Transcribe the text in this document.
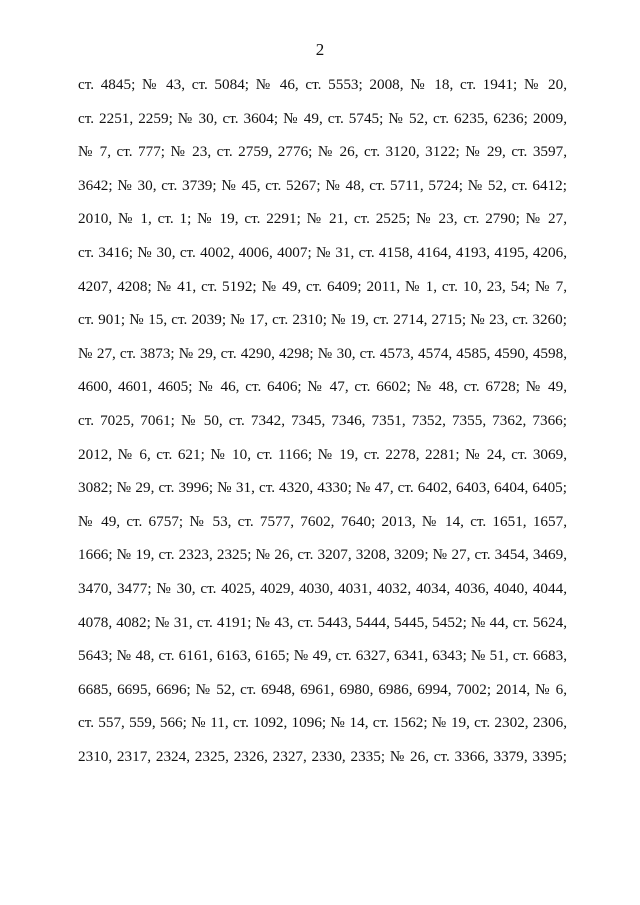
2
ст. 4845; № 43, ст. 5084; № 46, ст. 5553; 2008, № 18, ст. 1941; № 20,
ст. 2251, 2259; № 30, ст. 3604; № 49, ст. 5745; № 52, ст. 6235, 6236; 2009,
№ 7, ст. 777; № 23, ст. 2759, 2776; № 26, ст. 3120, 3122; № 29, ст. 3597,
3642; № 30, ст. 3739; № 45, ст. 5267; № 48, ст. 5711, 5724; № 52, ст. 6412;
2010, № 1, ст. 1; № 19, ст. 2291; № 21, ст. 2525; № 23, ст. 2790; № 27,
ст. 3416; № 30, ст. 4002, 4006, 4007; № 31, ст. 4158, 4164, 4193, 4195, 4206,
4207, 4208; № 41, ст. 5192; № 49, ст. 6409; 2011, № 1, ст. 10, 23, 54; № 7,
ст. 901; № 15, ст. 2039; № 17, ст. 2310; № 19, ст. 2714, 2715; № 23, ст. 3260;
№ 27, ст. 3873; № 29, ст. 4290, 4298; № 30, ст. 4573, 4574, 4585, 4590, 4598,
4600, 4601, 4605; № 46, ст. 6406; № 47, ст. 6602; № 48, ст. 6728; № 49,
ст. 7025, 7061; № 50, ст. 7342, 7345, 7346, 7351, 7352, 7355, 7362, 7366;
2012, № 6, ст. 621; № 10, ст. 1166; № 19, ст. 2278, 2281; № 24, ст. 3069,
3082; № 29, ст. 3996; № 31, ст. 4320, 4330; № 47, ст. 6402, 6403, 6404, 6405;
№ 49, ст. 6757; № 53, ст. 7577, 7602, 7640; 2013, № 14, ст. 1651, 1657,
1666; № 19, ст. 2323, 2325; № 26, ст. 3207, 3208, 3209; № 27, ст. 3454, 3469,
3470, 3477; № 30, ст. 4025, 4029, 4030, 4031, 4032, 4034, 4036, 4040, 4044,
4078, 4082; № 31, ст. 4191; № 43, ст. 5443, 5444, 5445, 5452; № 44, ст. 5624,
5643; № 48, ст. 6161, 6163, 6165; № 49, ст. 6327, 6341, 6343; № 51, ст. 6683,
6685, 6695, 6696; № 52, ст. 6948, 6961, 6980, 6986, 6994, 7002; 2014, № 6,
ст. 557, 559, 566; № 11, ст. 1092, 1096; № 14, ст. 1562; № 19, ст. 2302, 2306,
2310, 2317, 2324, 2325, 2326, 2327, 2330, 2335; № 26, ст. 3366, 3379, 3395;
